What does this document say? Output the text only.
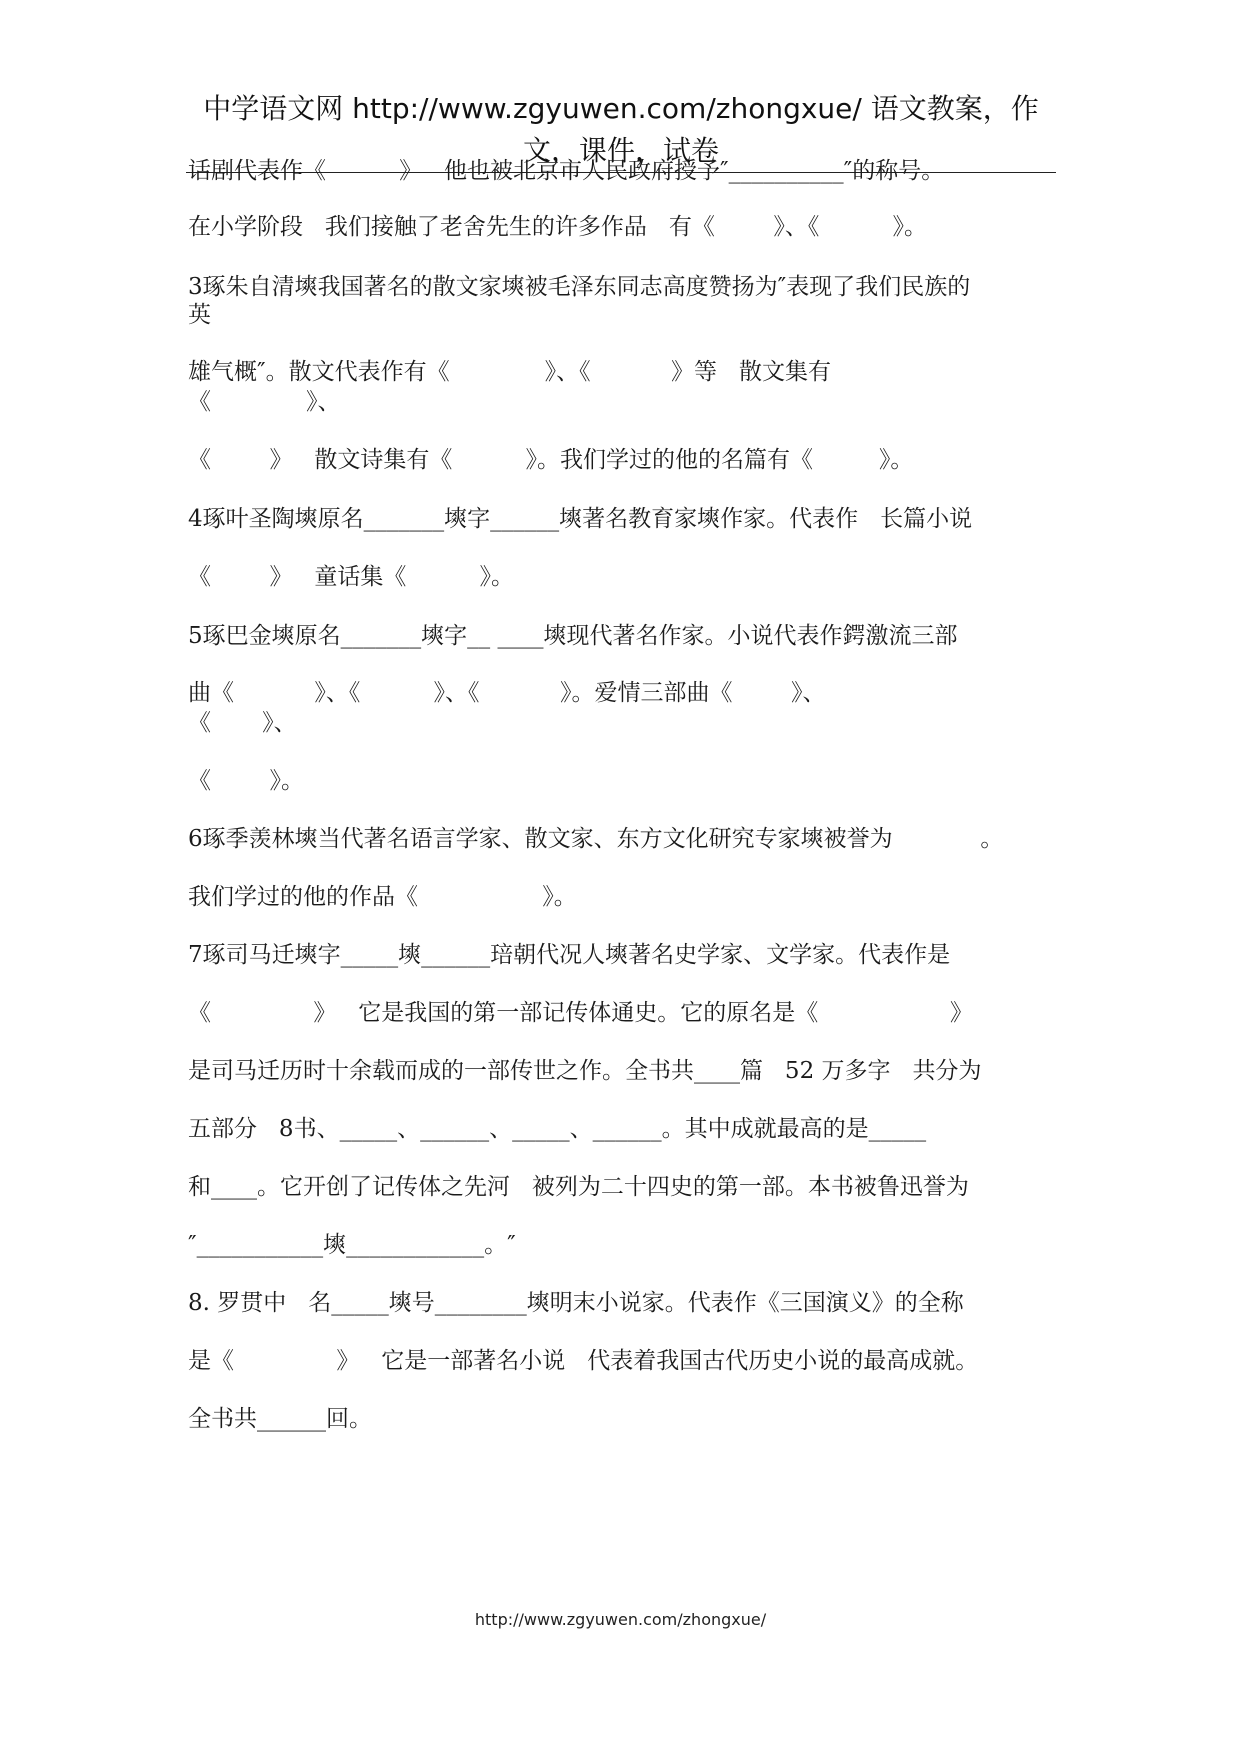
中学语文网 http://www.zgyuwen.com/zhongxue/ 语文教案，作
文，课件，试卷
话剧代表作《          》   他也被北京市人民政府授予″__________″的称号。
在小学阶段   我们接触了老舍先生的许多作品   有《        》、《          》。
3琢朱自清塽我国著名的散文家塽被毛泽东同志高度赞扬为″表现了我们民族的
英
雄气概″。散文代表作有《             》、《           》等   散文集有
《             》、
《        》   散文诗集有《          》。我们学过的他的名篇有《         》。
4琢叶圣陶塽原名_______塽字______塽著名教育家塽作家。代表作   长篇小说
《        》   童话集《          》。
5琢巴金塽原名_______塽字__ ____塽现代著名作家。小说代表作鍔激流三部
曲《           》、《          》、《           》。爱情三部曲《        》、
《       》、
《        》。
6琢季羡林塽当代著名语言学家、散文家、东方文化研究专家塽被誉为            。
我们学过的他的作品《                 》。
7琢司马迁塽字_____塽______琣朝代况人塽著名史学家、文学家。代表作是
《              》   它是我国的第一部记传体通史。它的原名是《                  》
是司马迁历时十余载而成的一部传世之作。全书共____篇   52 万多字   共分为
五部分   8书、_____、______、_____、______。其中成就最高的是_____
和____。它开创了记传体之先河   被列为二十四史的第一部。本书被鲁迅誉为
″___________塽____________。″
8. 罗贯中   名_____塽号________塽明末小说家。代表作《三国演义》的全称
是《              》   它是一部著名小说   代表着我国古代历史小说的最高成就。
全书共______回。
http://www.zgyuwen.com/zhongxue/
